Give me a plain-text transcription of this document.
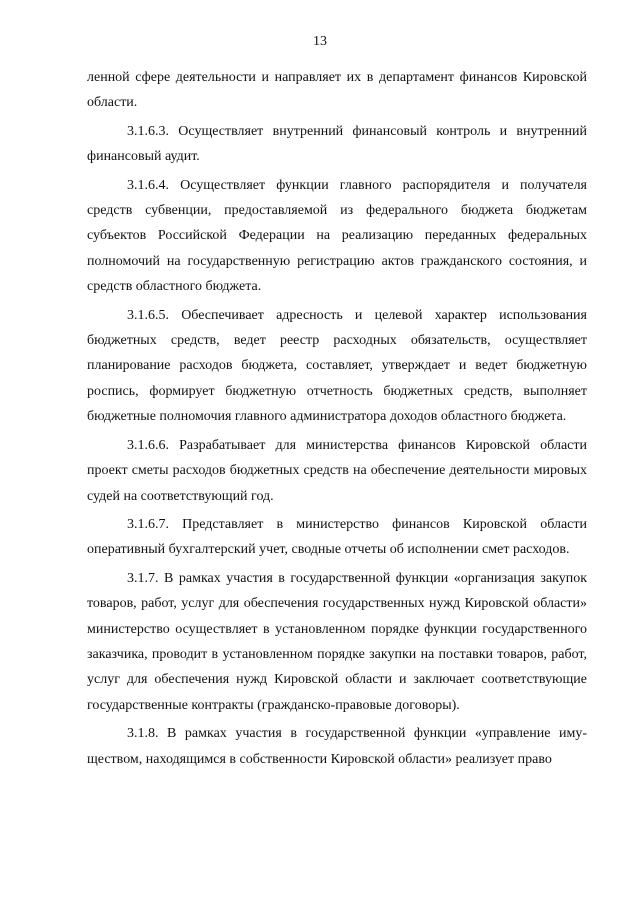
13

ленной сфере деятельности и направляет их в департамент финансов Кировской области.

3.1.6.3. Осуществляет внутренний финансовый контроль и внутренний финансовый аудит.

3.1.6.4. Осуществляет функции главного распорядителя и получателя средств субвенции, предоставляемой из федерального бюджета бюджетам субъектов Российской Федерации на реализацию переданных федеральных полномочий на государственную регистрацию актов гражданского состояния, и средств областного бюджета.

3.1.6.5. Обеспечивает адресность и целевой характер использования бюджетных средств, ведет реестр расходных обязательств, осуществляет планирование расходов бюджета, составляет, утверждает и ведет бюджетную роспись, формирует бюджетную отчетность бюджетных средств, выполняет бюджетные полномочия главного администратора доходов областного бюджета.

3.1.6.6. Разрабатывает для министерства финансов Кировской области проект сметы расходов бюджетных средств на обеспечение деятельности мировых судей на соответствующий год.

3.1.6.7. Представляет в министерство финансов Кировской области оперативный бухгалтерский учет, сводные отчеты об исполнении смет расходов.

3.1.7. В рамках участия в государственной функции «организация закупок товаров, работ, услуг для обеспечения государственных нужд Кировской области» министерство осуществляет в установленном порядке функции государственного заказчика, проводит в установленном порядке закупки на поставки товаров, работ, услуг для обеспечения нужд Кировской области и заключает соответствующие государственные контракты (гражданско-правовые договоры).

3.1.8. В рамках участия в государственной функции «управление имуществом, находящимся в собственности Кировской области» реализует право
